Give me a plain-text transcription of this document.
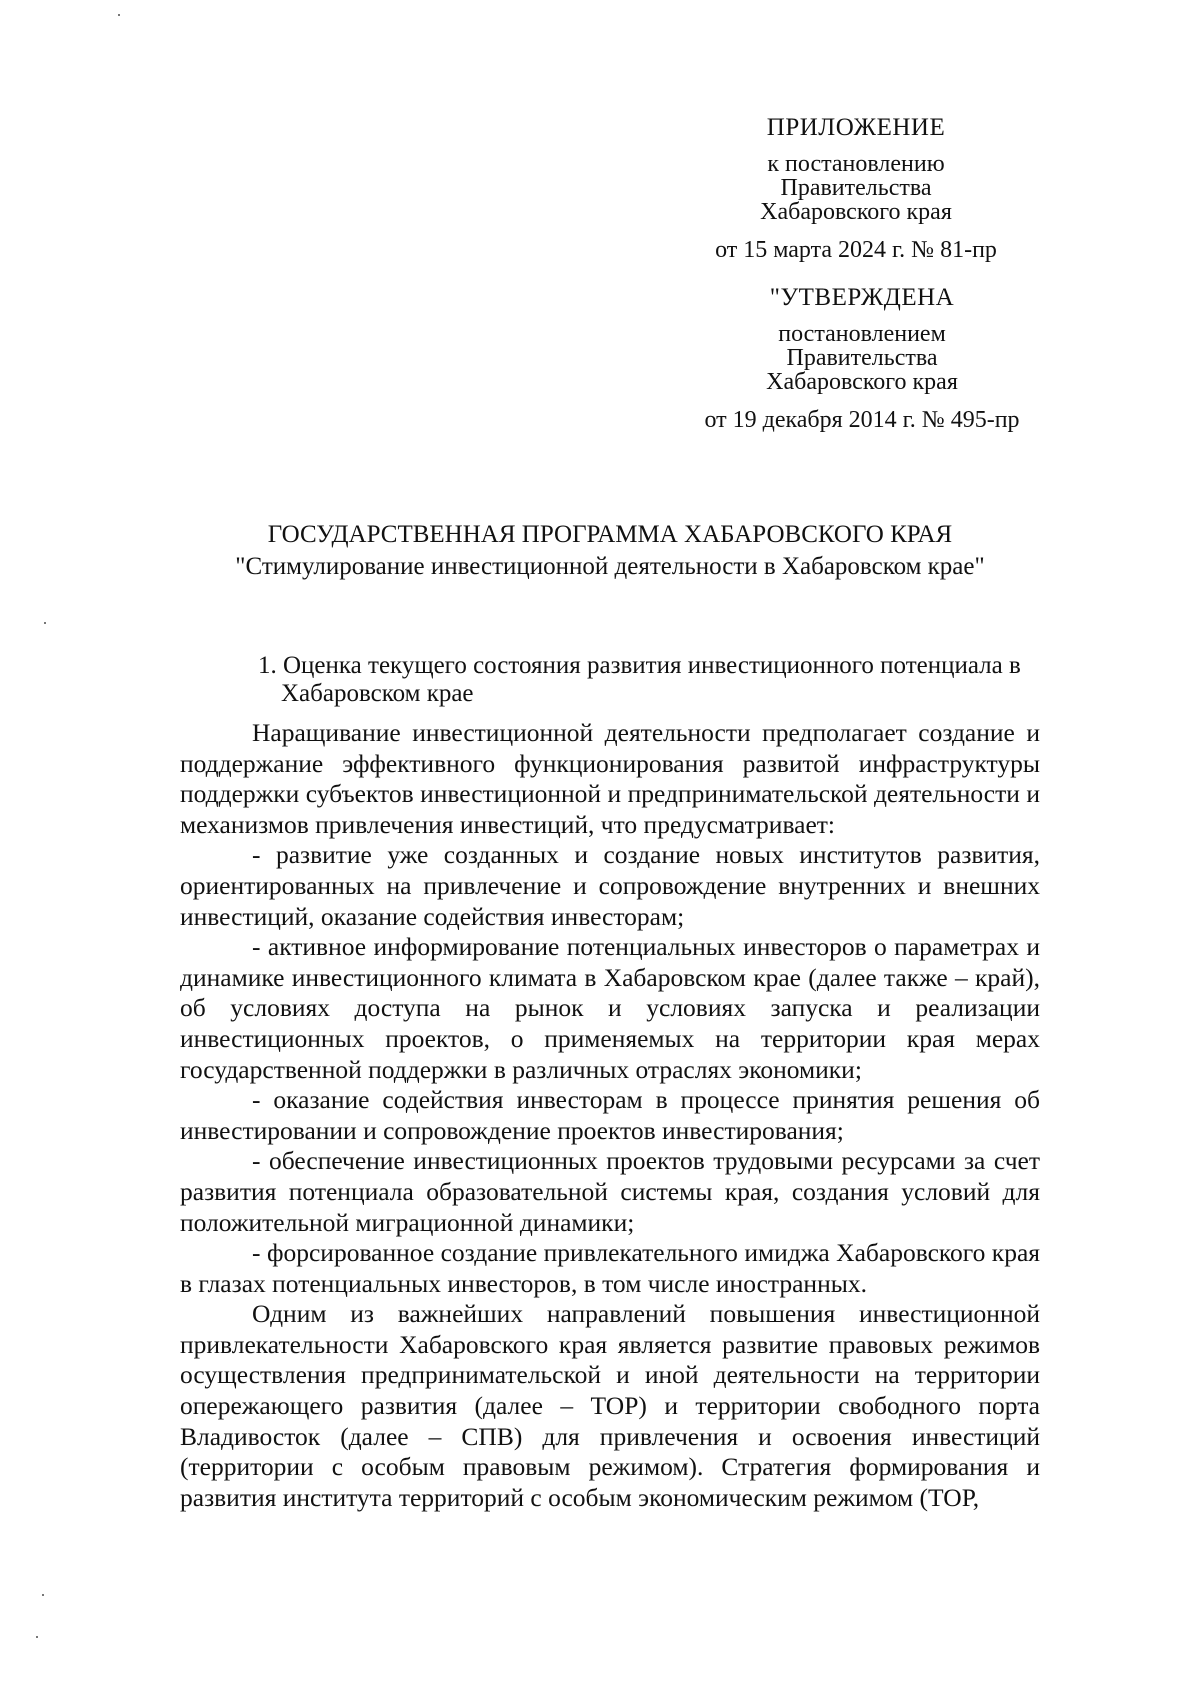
ПРИЛОЖЕНИЕ
к постановлению
Правительства
Хабаровского края
от 15 марта 2024 г. № 81-пр
"УТВЕРЖДЕНА
постановлением
Правительства
Хабаровского края
от 19 декабря 2014 г. № 495-пр
ГОСУДАРСТВЕННАЯ ПРОГРАММА ХАБАРОВСКОГО КРАЯ
"Стимулирование инвестиционной деятельности в Хабаровском крае"
1. Оценка текущего состояния развития инвестиционного потенциала в
Хабаровском крае

Наращивание инвестиционной деятельности предполагает создание и поддержание эффективного функционирования развитой инфраструктуры поддержки субъектов инвестиционной и предпринимательской деятельности и механизмов привлечения инвестиций, что предусматривает:

- развитие уже созданных и создание новых институтов развития, ориентированных на привлечение и сопровождение внутренних и внешних инвестиций, оказание содействия инвесторам;

- активное информирование потенциальных инвесторов о параметрах и динамике инвестиционного климата в Хабаровском крае (далее также – край), об условиях доступа на рынок и условиях запуска и реализации инвестиционных проектов, о применяемых на территории края мерах государственной поддержки в различных отраслях экономики;

- оказание содействия инвесторам в процессе принятия решения об инвестировании и сопровождение проектов инвестирования;

- обеспечение инвестиционных проектов трудовыми ресурсами за счет развития потенциала образовательной системы края, создания условий для положительной миграционной динамики;

- форсированное создание привлекательного имиджа Хабаровского края в глазах потенциальных инвесторов, в том числе иностранных.

Одним из важнейших направлений повышения инвестиционной привлекательности Хабаровского края является развитие правовых режимов осуществления предпринимательской и иной деятельности на территории опережающего развития (далее – ТОР) и территории свободного порта Владивосток (далее – СПВ) для привлечения и освоения инвестиций (территории с особым правовым режимом). Стратегия формирования и развития института территорий с особым экономическим режимом (ТОР,
